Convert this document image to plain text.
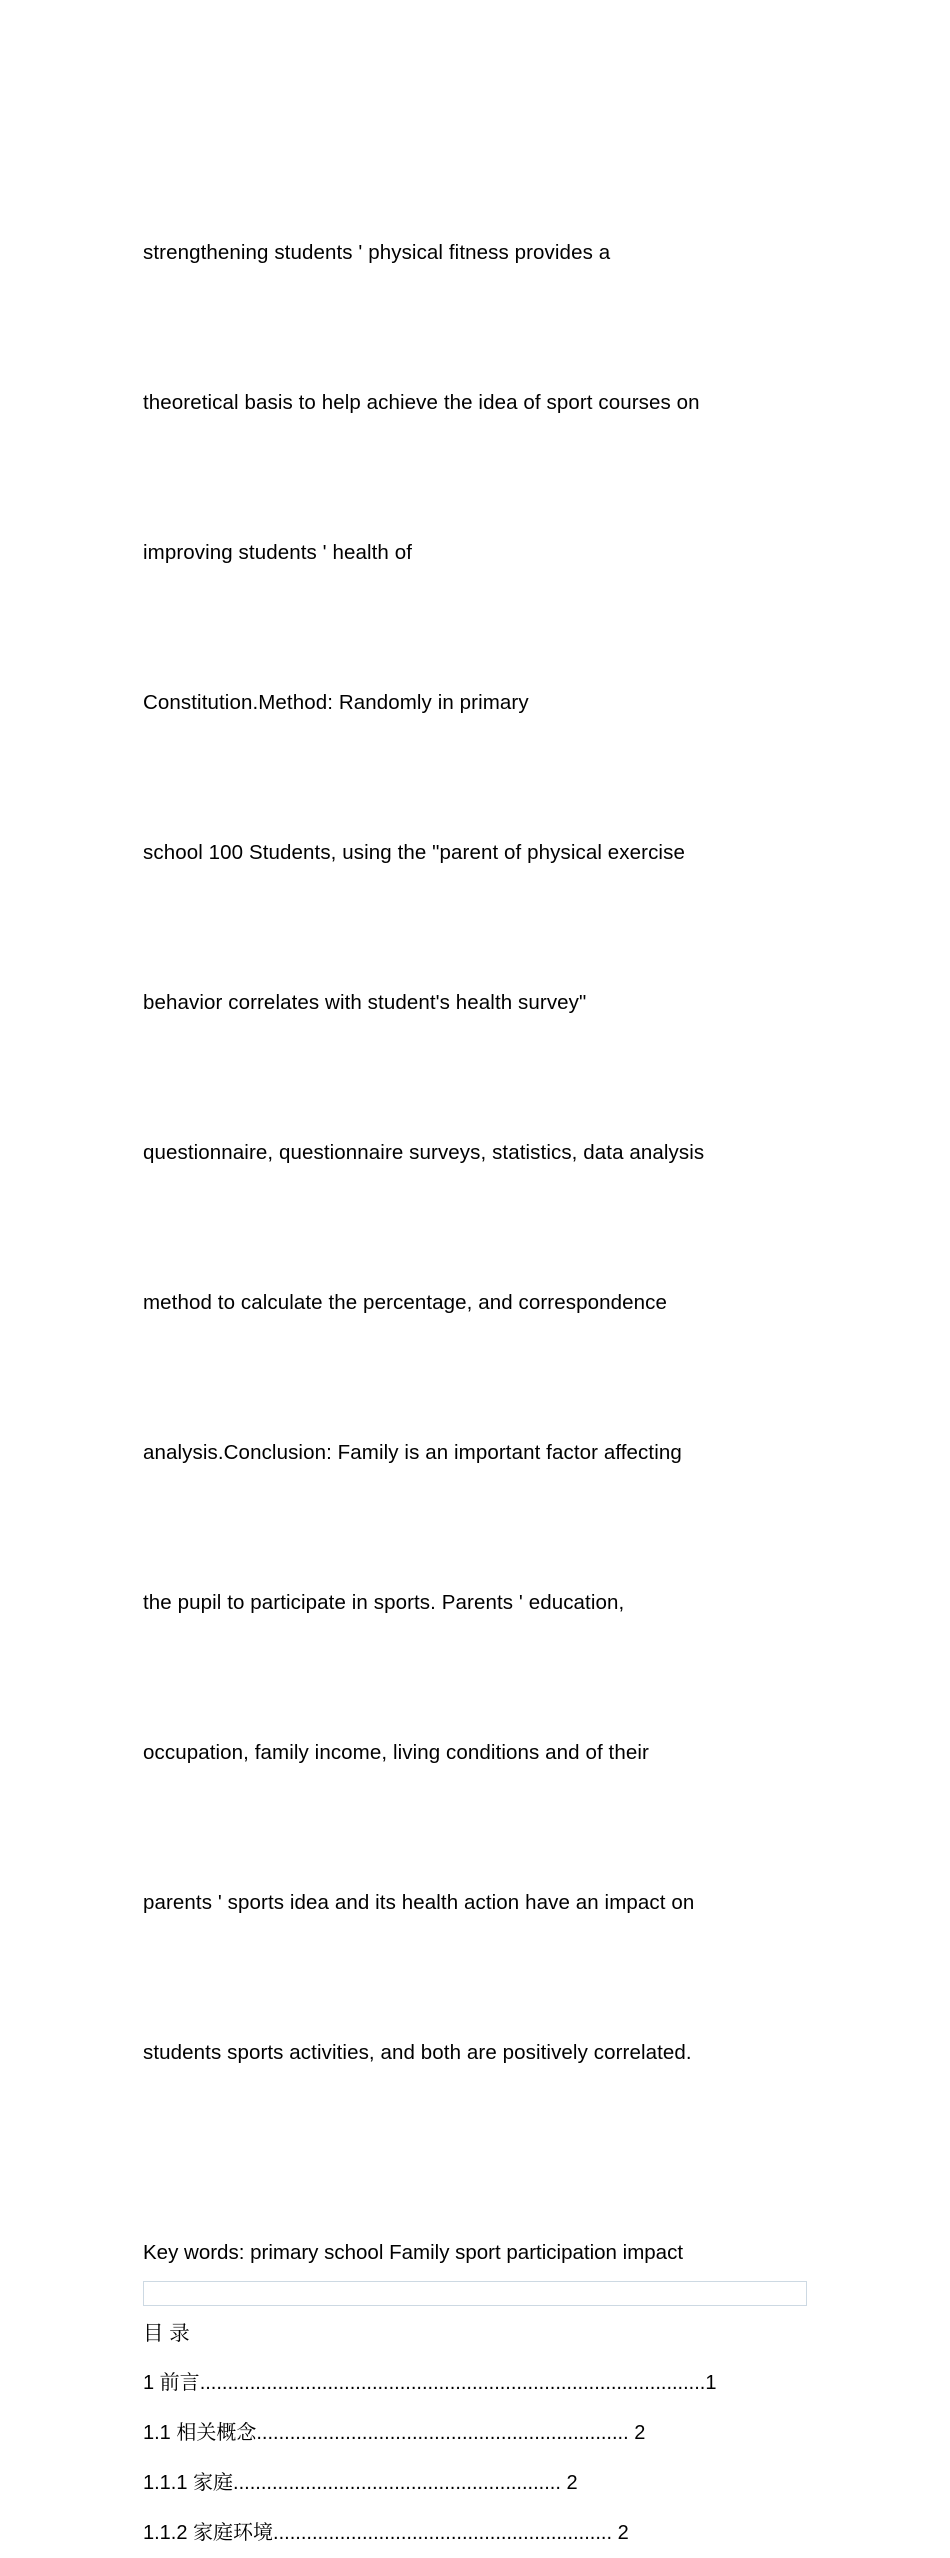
strengthening students ' physical fitness provides a

theoretical basis to help achieve the idea of sport courses on

improving students ' health of

Constitution.Method: Randomly in primary

school 100 Students, using the "parent of physical exercise

behavior correlates with student's health survey"

questionnaire, questionnaire surveys, statistics, data analysis

method to calculate the percentage, and correspondence

analysis.Conclusion: Family is an important factor affecting

the pupil to participate in sports. Parents ' education,

occupation, family income, living conditions and of their

parents ' sports idea and its health action have an impact on

students sports activities, and both are positively correlated.

Key words: primary school Family sport participation impact
目 录
1 前言...........................................................................................1
1.1 相关概念................................................................... 2
1.1.1 家庭........................................................... 2
1.1.2 家庭环境............................................................. 2
